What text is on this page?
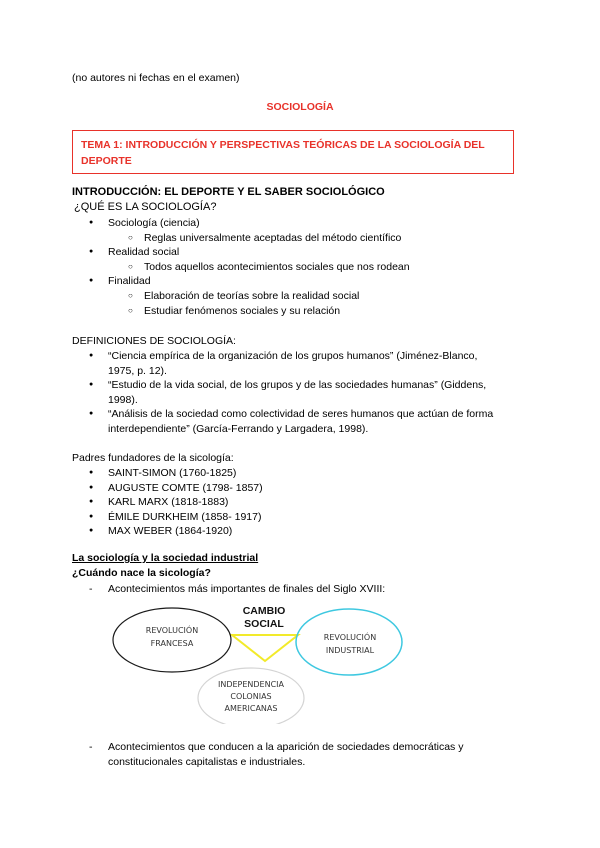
(no autores ni fechas en el examen)
SOCIOLOGÍA
TEMA 1: INTRODUCCIÓN Y PERSPECTIVAS TEÓRICAS DE LA SOCIOLOGÍA DEL
DEPORTE
INTRODUCCIÓN: EL DEPORTE Y EL SABER SOCIOLÓGICO
¿QUÉ ES LA SOCIOLOGÍA?
● Sociología (ciencia)
○ Reglas universalmente aceptadas del método científico
● Realidad social
○ Todos aquellos acontecimientos sociales que nos rodean
● Finalidad
○ Elaboración de teorías sobre la realidad social
○ Estudiar fenómenos sociales y su relación
DEFINICIONES DE SOCIOLOGÍA:
● “Ciencia empírica de la organización de los grupos humanos” (Jiménez-Blanco,
1975, p. 12).
● “Estudio de la vida social, de los grupos y de las sociedades humanas” (Giddens,
1998).
● “Análisis de la sociedad como colectividad de seres humanos que actúan de forma
interdependiente” (García-Ferrando y Largadera, 1998).
Padres fundadores de la sicología:
● SAINT-SIMON (1760-1825)
● AUGUSTE COMTE (1798- 1857)
● KARL MARX (1818-1883)
● ÉMILE DURKHEIM (1858- 1917)
● MAX WEBER (1864-1920)
La sociología y la sociedad industrial
¿Cuándo nace la sicología?
- Acontecimientos más importantes de finales del Siglo XVIII:
CAMBIO
SOCIAL
REVOLUCIÓN
FRANCESA
REVOLUCIÓN
INDUSTRIAL
INDEPENDENCIA
COLONIAS
AMERICANAS
- Acontecimientos que conducen a la aparición de sociedades democráticas y
constitucionales capitalistas e industriales.
